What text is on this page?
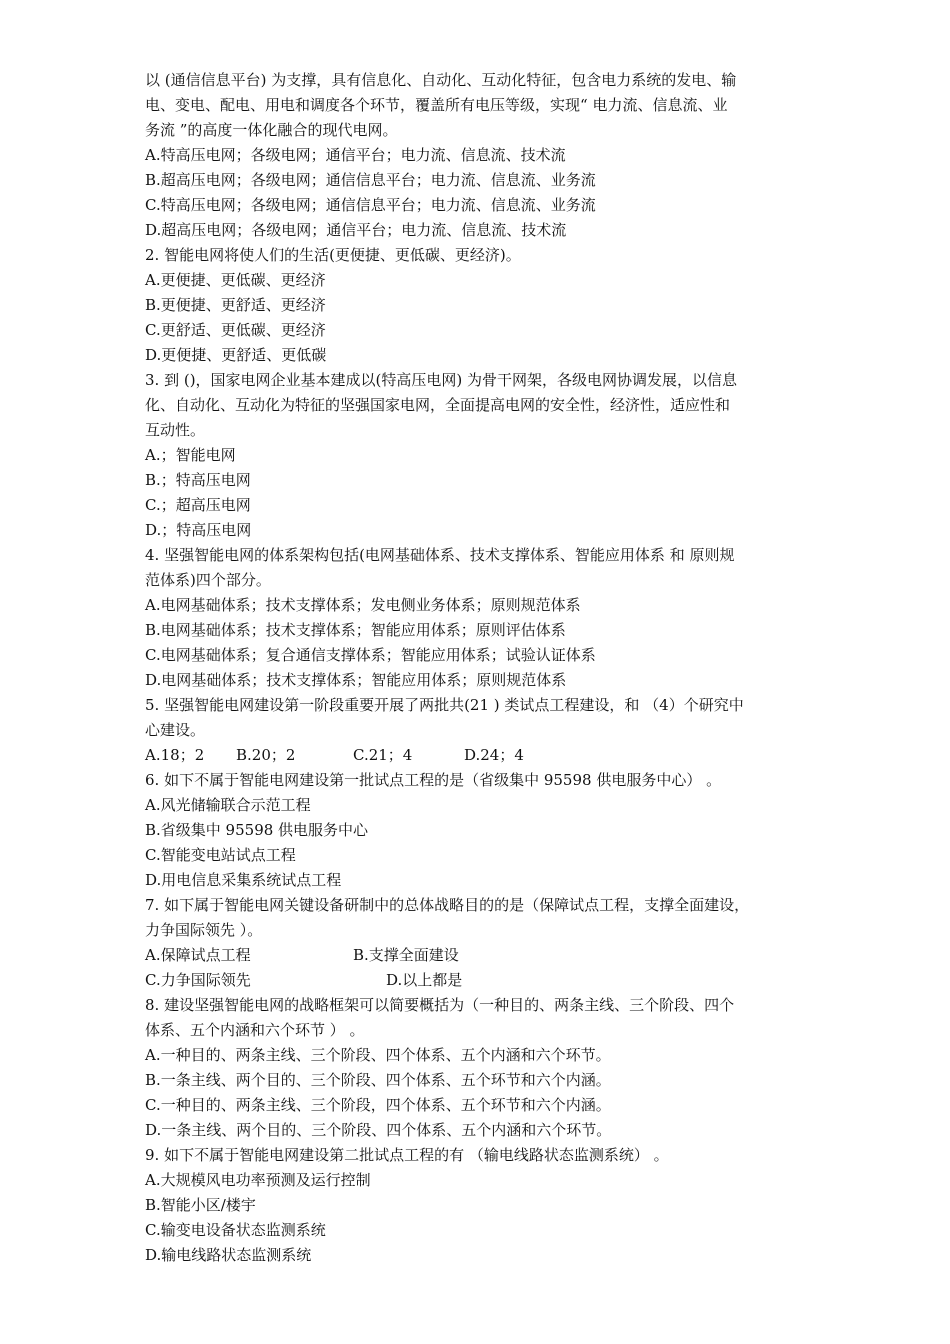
以 (通信信息平台) 为支撑，具有信息化、自动化、互动化特征，包含电力系统的发电、输
电、变电、配电、用电和调度各个环节，覆盖所有电压等级，实现“ 电力流、信息流、业
务流 ”的高度一体化融合的现代电网。
A.特高压电网；各级电网；通信平台；电力流、信息流、技术流
B.超高压电网；各级电网；通信信息平台；电力流、信息流、业务流
C.特高压电网；各级电网；通信信息平台；电力流、信息流、业务流
D.超高压电网；各级电网；通信平台；电力流、信息流、技术流
2. 智能电网将使人们的生活(更便捷、更低碳、更经济)。
A.更便捷、更低碳、更经济
B.更便捷、更舒适、更经济
C.更舒适、更低碳、更经济
D.更便捷、更舒适、更低碳
3. 到 ()，国家电网企业基本建成以(特高压电网) 为骨干网架，各级电网协调发展，以信息
化、自动化、互动化为特征的坚强国家电网，全面提高电网的安全性，经济性，适应性和
互动性。
A.；智能电网
B.；特高压电网
C.；超高压电网
D.；特高压电网
4. 坚强智能电网的体系架构包括(电网基础体系、技术支撑体系、智能应用体系 和 原则规
范体系)四个部分。
A.电网基础体系；技术支撑体系；发电侧业务体系；原则规范体系
B.电网基础体系；技术支撑体系；智能应用体系；原则评估体系
C.电网基础体系；复合通信支撑体系；智能应用体系；试验认证体系
D.电网基础体系；技术支撑体系；智能应用体系；原则规范体系
5. 坚强智能电网建设第一阶段重要开展了两批共(21 ) 类试点工程建设，和 （4）个研究中
心建设。
A.18；2	B.20；2	C.21；4	D.24；4
6. 如下不属于智能电网建设第一批试点工程的是（省级集中 95598 供电服务中心） 。
A.风光储输联合示范工程
B.省级集中 95598 供电服务中心
C.智能变电站试点工程
D.用电信息采集系统试点工程
7. 如下属于智能电网关键设备研制中的总体战略目的的是（保障试点工程，支撑全面建设，
力争国际领先 ）。
A.保障试点工程	B.支撑全面建设
C.力争国际领先	D.以上都是
8. 建设坚强智能电网的战略框架可以简要概括为（一种目的、两条主线、三个阶段、四个
体系、五个内涵和六个环节 ） 。
A.一种目的、两条主线、三个阶段、四个体系、五个内涵和六个环节。
B.一条主线、两个目的、三个阶段、四个体系、五个环节和六个内涵。
C.一种目的、两条主线、三个阶段，四个体系、五个环节和六个内涵。
D.一条主线、两个目的、三个阶段、四个体系、五个内涵和六个环节。
9. 如下不属于智能电网建设第二批试点工程的有 （输电线路状态监测系统） 。
A.大规模风电功率预测及运行控制
B.智能小区/楼宇
C.输变电设备状态监测系统
D.输电线路状态监测系统
